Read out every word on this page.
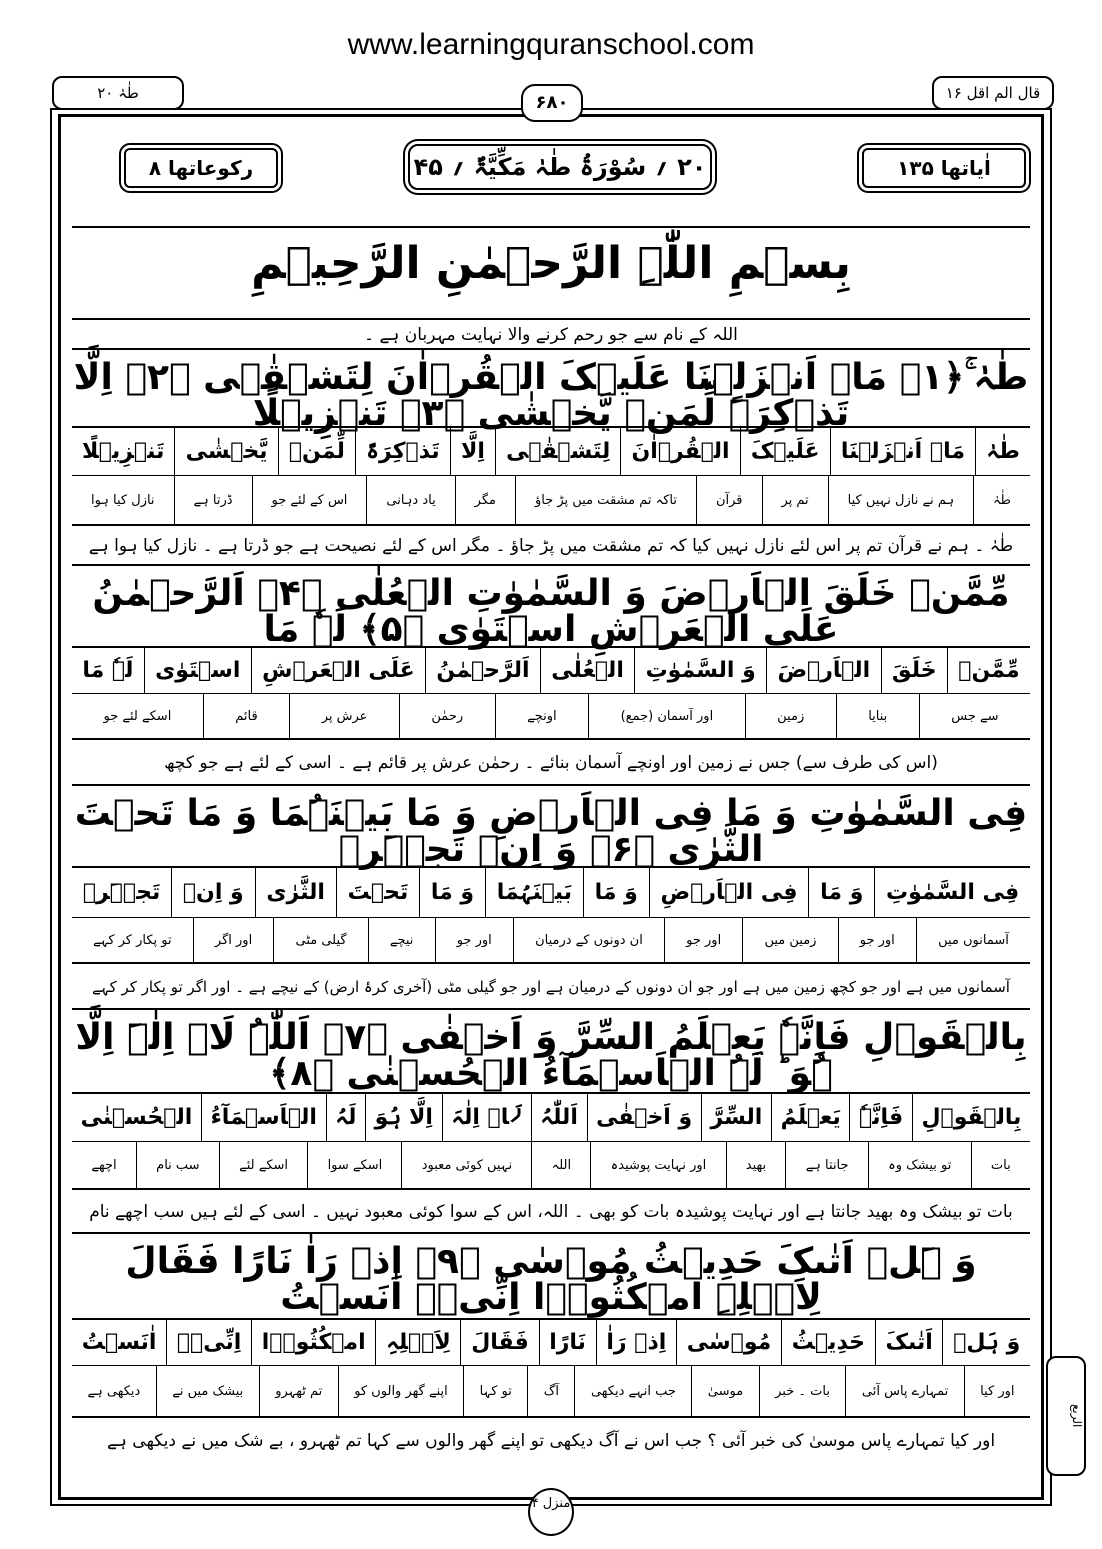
www.learningquranschool.com
قال الم اقل ۱۶
طٰہٰ ۲۰	۶۸۰
اٰیاتھا ۱۳۵
۲۰ ؍ سُوْرَۃُ طٰہٰ مَکِّیَّۃٌ ؍ ۴۵
رکوعاتھا ۸
بِسۡمِ اللّٰہِ الرَّحۡمٰنِ الرَّحِیۡمِ
اللہ کے نام سے جو رحم کرنے والا نہایت مہربان ہے ۔
طٰہٰ ۚ﴿۱﴾ مَاۤ اَنۡزَلۡنَا عَلَیۡکَ الۡقُرۡاٰنَ لِتَشۡقٰۤی ﴿۲﴾ اِلَّا تَذۡکِرَۃً لِّمَنۡ یَّخۡشٰی ﴿۳﴾ تَنۡزِیۡلًا
طٰہٰ
مَاۤ اَنۡزَلۡنَا
عَلَیۡکَ
الۡقُرۡاٰنَ
لِتَشۡقٰۤی
اِلَّا
تَذۡکِرَۃً
لِّمَنۡ
یَّخۡشٰی
تَنۡزِیۡلًا
طٰہٰ
ہم نے نازل نہیں کیا
تم پر
قرآن
تاکہ تم مشقت میں پڑ جاؤ
مگر
یاد دہانی
اس کے لئے جو
ڈرتا ہے
نازل کیا ہوا
طٰہٰ ۔ ہم نے قرآن تم پر اس لئے نازل نہیں کیا کہ تم مشقت میں پڑ جاؤ ۔ مگر اس کے لئے نصیحت ہے جو ڈرتا ہے ۔ نازل کیا ہوا ہے
مِّمَّنۡ خَلَقَ الۡاَرۡضَ وَ السَّمٰوٰتِ الۡعُلٰی ﴿۴﴾ اَلرَّحۡمٰنُ عَلَی الۡعَرۡشِ اسۡتَوٰی ﴿۵﴾ لَہٗ مَا
مِّمَّنۡ
خَلَقَ
الۡاَرۡضَ
وَ السَّمٰوٰتِ
الۡعُلٰی
اَلرَّحۡمٰنُ
عَلَی الۡعَرۡشِ
اسۡتَوٰی
لَہٗ مَا
سے جس
بنایا
زمین
اور آسمان (جمع)
اونچے
رحمٰن
عرش پر
قائم
اسکے لئے جو
(اس کی طرف سے) جس نے زمین اور اونچے آسمان بنائے ۔ رحمٰن عرش پر قائم ہے ۔ اسی کے لئے ہے جو کچھ
فِی السَّمٰوٰتِ وَ مَا فِی الۡاَرۡضِ وَ مَا بَیۡنَہُمَا وَ مَا تَحۡتَ الثَّرٰی ﴿۶﴾ وَ اِنۡ تَجۡہَرۡ
فِی السَّمٰوٰتِ
وَ مَا
فِی الۡاَرۡضِ
وَ مَا
بَیۡنَہُمَا
وَ مَا
تَحۡتَ
الثَّرٰی
وَ اِنۡ
تَجۡہَرۡ
آسمانوں میں
اور جو
زمین میں
اور جو
ان دونوں کے درمیان
اور جو
نیچے
گیلی مٹی
اور اگر
تو پکار کر کہے
آسمانوں میں ہے اور جو کچھ زمین میں ہے اور جو ان دونوں کے درمیان ہے اور جو گیلی مٹی (آخری کرۂ ارض) کے نیچے ہے ۔ اور اگر تو پکار کر کہے
بِالۡقَوۡلِ فَاِنَّہٗ یَعۡلَمُ السِّرَّ وَ اَخۡفٰی ﴿۷﴾ اَللّٰہُ لَاۤ اِلٰہَ اِلَّا ہُوَ ؕ لَہُ الۡاَسۡمَآءُ الۡحُسۡنٰی ﴿۸﴾
بِالۡقَوۡلِ
فَاِنَّہٗ
یَعۡلَمُ
السِّرَّ
وَ اَخۡفٰی
اَللّٰہُ
لَاۤ اِلٰہَ
اِلَّا ہُوَ
لَہُ
الۡاَسۡمَآءُ
الۡحُسۡنٰی
بات
تو بیشک وہ
جانتا ہے
بھید
اور نہایت پوشیدہ
اللہ
نہیں کوئی معبود
اسکے سوا
اسکے لئے
سب نام
اچھے
بات تو بیشک وہ بھید جانتا ہے اور نہایت پوشیدہ بات کو بھی ۔ اللہ، اس کے سوا کوئی معبود نہیں ۔ اسی کے لئے ہیں سب اچھے نام
وَ ہَلۡ اَتٰىکَ حَدِیۡثُ مُوۡسٰی ﴿۹﴾ اِذۡ رَاٰ نَارًا فَقَالَ لِاَہۡلِہِ امۡکُثُوۡۤا اِنِّیۡۤ اٰنَسۡتُ
وَ ہَلۡ
اَتٰىکَ
حَدِیۡثُ
مُوۡسٰی
اِذۡ رَاٰ
نَارًا
فَقَالَ
لِاَہۡلِہِ
امۡکُثُوۡۤا
اِنِّیۡۤ
اٰنَسۡتُ
اور کیا
تمہارے پاس آئی
بات ۔ خبر
موسیٰ
جب انہے دیکھی
آگ
تو کہا
اپنے گھر والوں کو
تم ٹھہرو
بیشک میں نے
دیکھی ہے
اور کیا تمہارے پاس موسیٰ کی خبر آئی ؟ جب اس نے آگ دیکھی تو اپنے گھر والوں سے کہا تم ٹھہرو ، بے شک میں نے دیکھی ہے
الربع
منزل ۴
